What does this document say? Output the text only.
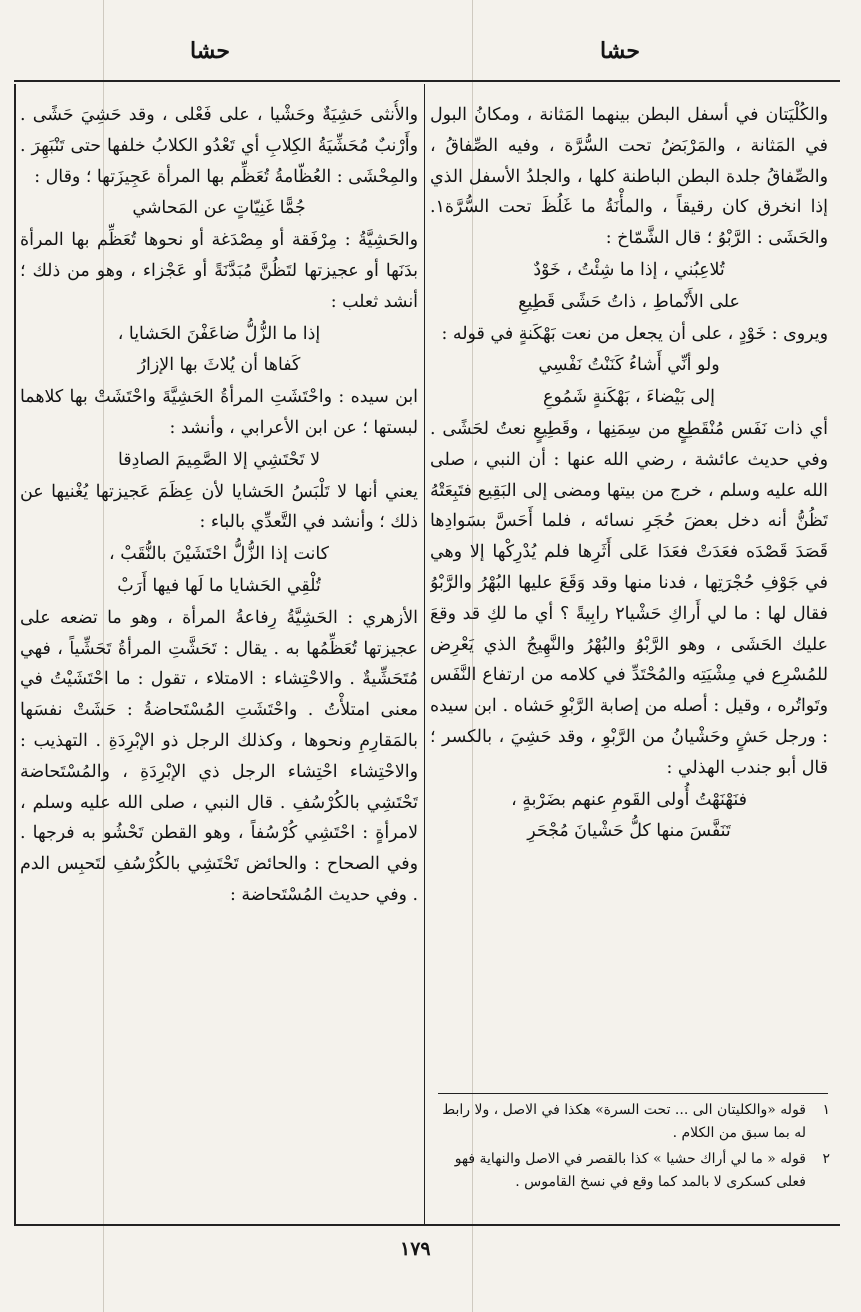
حشا
حشا

والكُلْيَتان في أسفل البطن بينهما المَثانة ، ومكانُ البول في المَثانة ، والمَرْبَضُ تحت السُّرَّة ، وفيه الصِّفاقُ ، والصِّفاقُ جلدة البطن الباطنة كلها ، والجلدُ الأسفل الذي إذا انخرق كان رقيقاً ، والمأْنَةُ ما غَلُظَ تحت السُّرَّة١. والحَشَى : الرَّبْوُ ؛ قال الشَّمّاخ :

تُلاعِبُني ، إذا ما شِئْتُ ، خَوْدٌ

على الأَنْماطِ ، ذاتُ حَشًى قَطِيعِ

ويروى : خَوْدٍ ، على أن يجعل من نعت بَهْكَنةٍ في قوله :

ولو أنِّي أَشاءُ كَنَنْتُ نَفْسِي

إلى بَيْضاءَ ، بَهْكَنةٍ شَمُوعِ

أي ذات نَفَس مُنْقَطِعٍ من سِمَنِها ، وقَطِيعٍ نعتُ لحَشًى . وفي حديث عائشة ، رضي الله عنها : أن النبي ، صلى الله عليه وسلم ، خرج من بيتها ومضى إلى البَقِيع فتَبِعَتْهُ تَظُنُّ أنه دخل بعضَ حُجَرِ نسائه ، فلما أَحَسَّ بسَوادِها قَصَدَ قَصْدَه فعَدَتْ فعَدَا عَلى أَثَرِها فلم يُدْرِكْها إلا وهي في جَوْفِ حُجْرَتِها ، فدنا منها وقد وَقَعَ عليها البُهْرُ والرَّبْوُ فقال لها : ما لي أَراكِ حَشْيا٢ رابِيةً ؟ أي ما لكِ قد وقعَ عليك الحَشَى ، وهو الرَّبْوُ والبُهْرُ والنَّهِيجُ الذي يَعْرِض للمُسْرِع في مِشْيَتِه والمُحْتَدِّ في كلامه من ارتفاع النَّفَس وتَواتُره ، وقيل : أصله من إصابة الرَّبْوِ حَشاه . ابن سيده : ورجل حَشٍ وحَشْيانُ من الرَّبْوِ ، وقد حَشِيَ ، بالكسر ؛ قال أبو جندب الهذلي :

فنَهْنَهْتُ أُولى القَومِ عنهم بضَرْبةٍ ،

تَنَفَّسَ منها كلُّ حَشْيانَ مُجْحَرِ

والأُنثى حَشِيَةٌ وحَشْيا ، على فَعْلى ، وقد حَشِيَ حَشًى . وأَرْنبٌ مُحَشِّيَةُ الكِلابِ أي تَعْدُو الكلابُ خلفها حتى تَنْبَهِرَ . والمِحْشَى : العُظّامةُ تُعَظِّم بها المرأة عَجِيزَتها ؛ وقال :

جُمًّا غَنِيّاتٍ عن المَحاشي

والحَشِيَّةُ : مِرْفَقة أو مِصْدَغة أو نحوها تُعَظِّم بها المرأة بدَنَها أو عجيزتها لتَظُنَّ مُبَدَّنَةً أو عَجْزاء ، وهو من ذلك ؛ أنشد ثعلب :

إذا ما الزُّلُّ ضاعَفْنَ الحَشايا ،

كَفاها أن يُلاثَ بها الإزارُ

ابن سيده : واحْتَشَتِ المرأةُ الحَشِيَّةَ واحْتَشَتْ بها كلاهما لبستها ؛ عن ابن الأعرابي ، وأنشد :

لا تَحْتَشِي إلا الصَّمِيمَ الصادِقا

يعني أنها لا تَلْبَسُ الحَشايا لأن عِظَمَ عَجيزتها يُغْنيها عن ذلك ؛ وأنشد في التَّعدِّي بالباء :

كانت إذا الزُّلُّ احْتَشَيْنَ بالنُّقَبْ ،

تُلْقِي الحَشايا ما لَها فيها أَرَبْ

الأزهري : الحَشِيَّةُ رِفاعةُ المرأة ، وهو ما تضعه على عجيزتها تُعَظِّمُها به . يقال : تَحَشَّتِ المرأةُ تَحَشِّياً ، فهي مُتَحَشِّيةٌ . والاحْتِشاء : الامتلاء ، تقول : ما احْتَشَيْتُ في معنى امتلأْتُ . واحْتَشَتِ المُسْتَحاضةُ : حَشَتْ نفسَها بالمَقارِمِ ونحوها ، وكذلك الرجل ذو الإبْرِدَةِ . التهذيب : والاحْتِشاء احْتِشاء الرجل ذي الإبْرِدَةِ ، والمُسْتَحاضة تَحْتَشِي بالكُرْسُفِ . قال النبي ، صلى الله عليه وسلم ، لامرأةٍ : احْتَشِي كُرْسُفاً ، وهو القطن تَحْشُو به فرجها . وفي الصحاح : والحائض تَحْتَشِي بالكُرْسُفِ لتَحبِس الدم . وفي حديث المُسْتَحاضة :

١
قوله «والكليتان الى ... تحت السرة» هكذا في الاصل ، ولا رابط له بما سبق من الكلام .

٢
قوله « ما لي أراك حشيا » كذا بالقصر في الاصل والنهاية فهو فعلى كسكرى لا بالمد كما وقع في نسخ القاموس .

١٧٩
